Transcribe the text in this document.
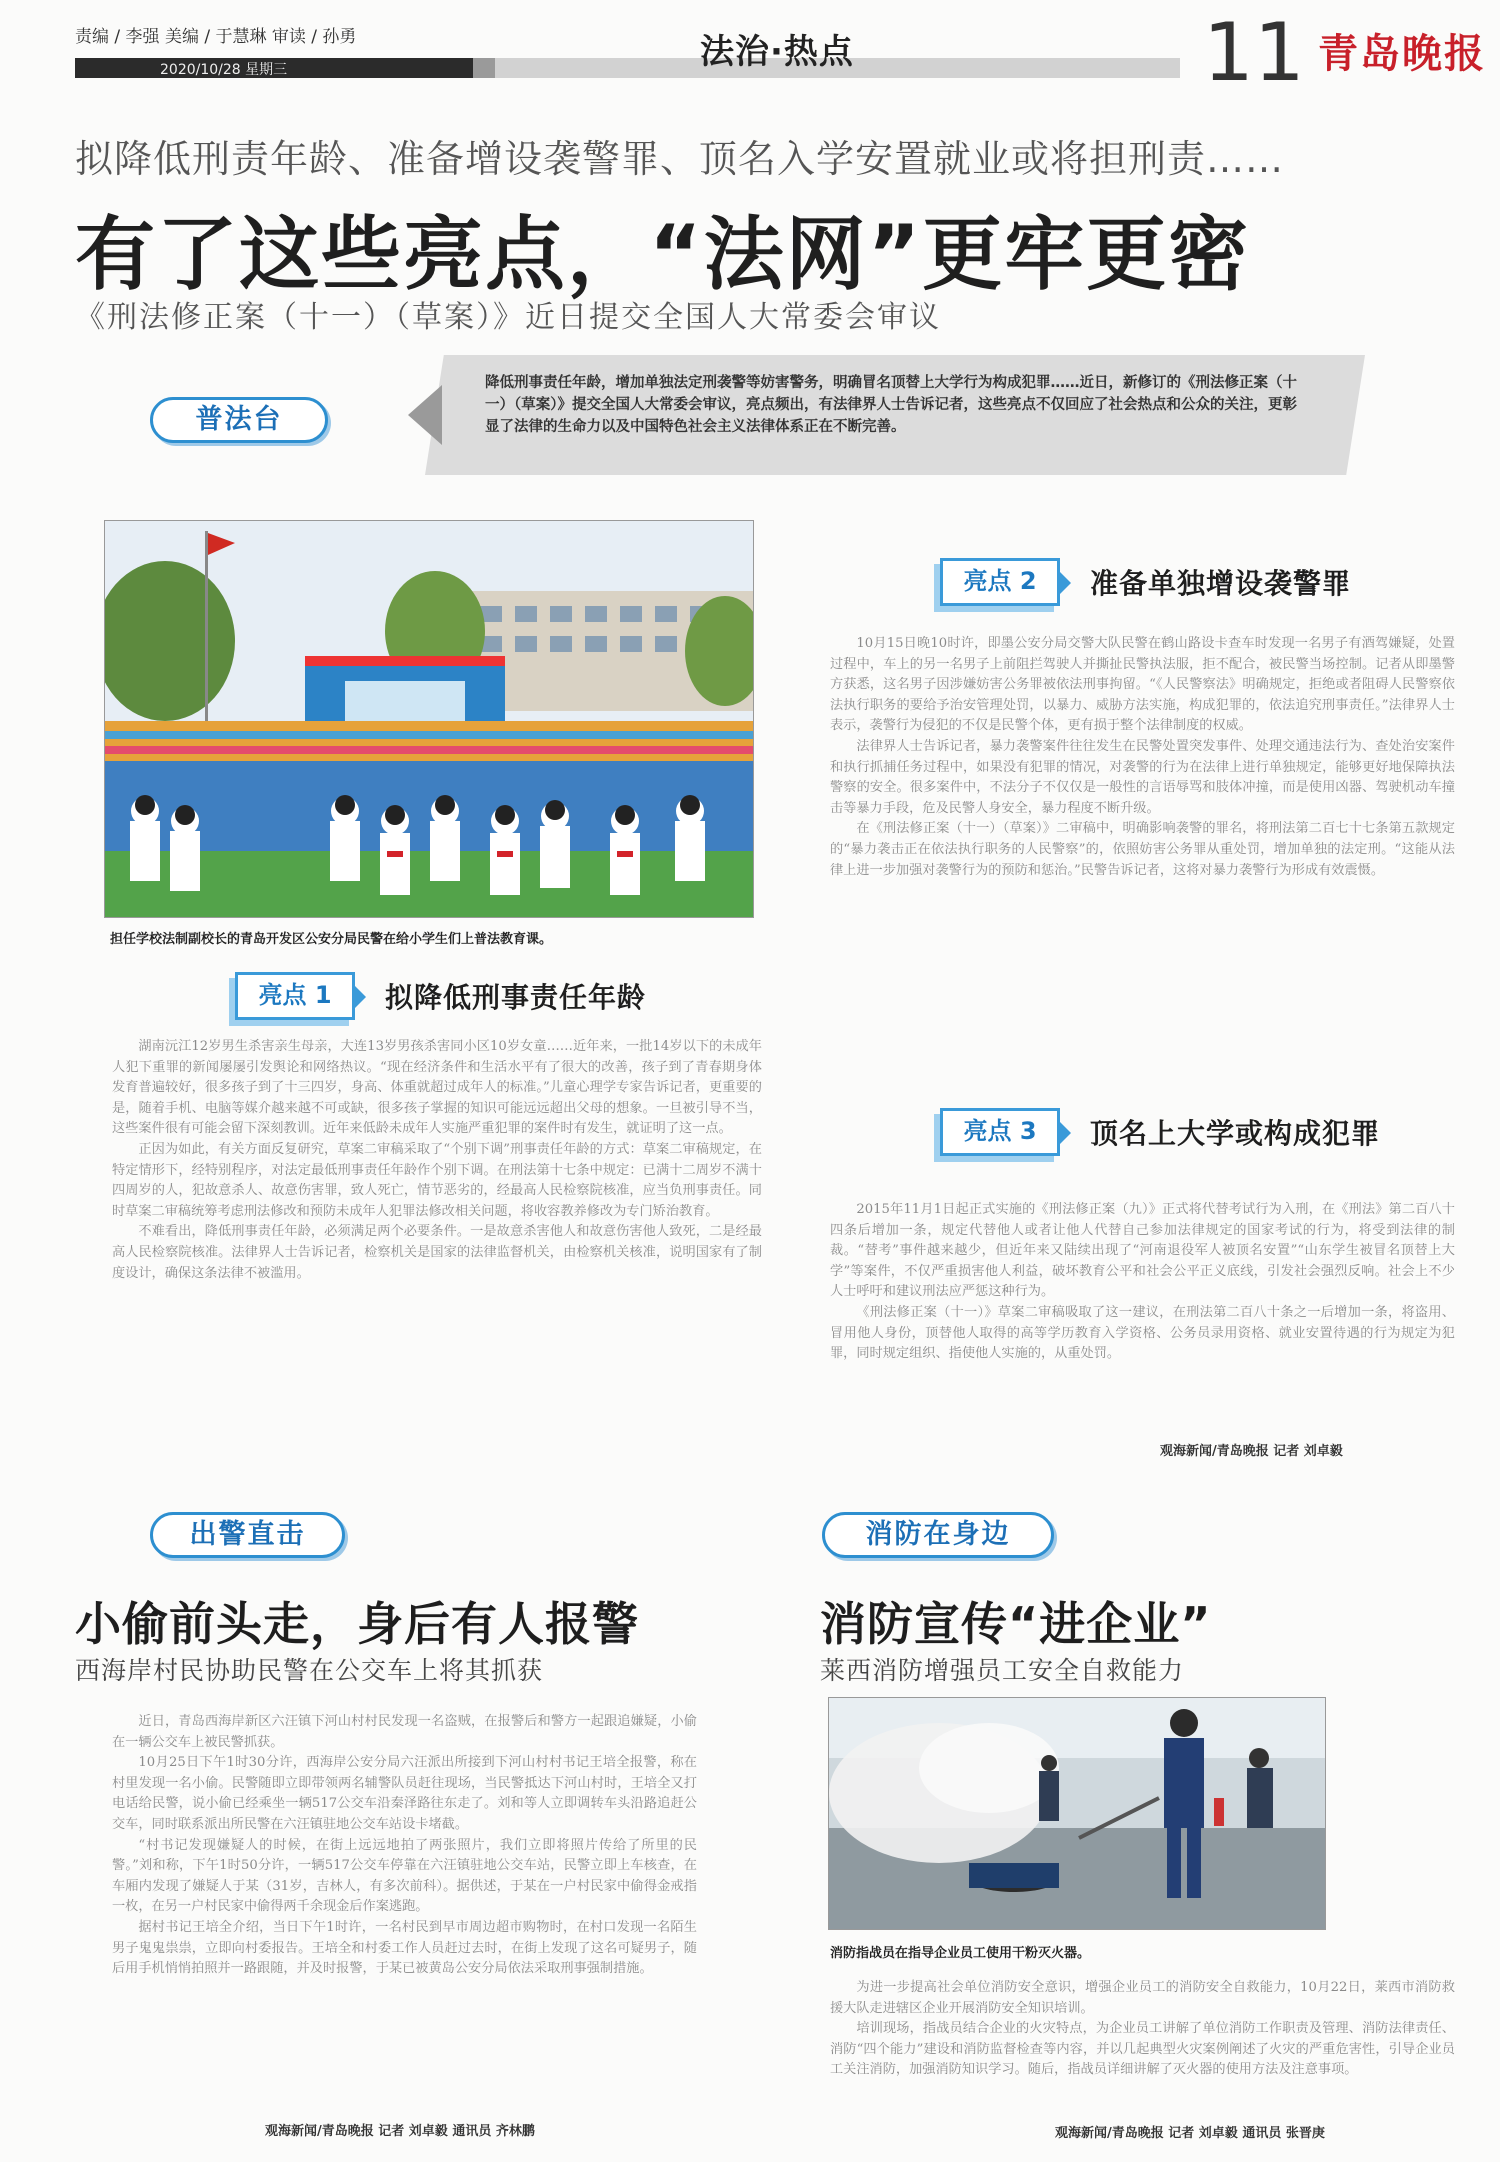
责编 / 李强 美编 / 于慧琳 审读 / 孙勇
2020/10/28 星期三	法治·热点	11 青岛晚报
拟降低刑责年龄、准备增设袭警罪、顶名入学安置就业或将担刑责……
有了这些亮点，“法网”更牢更密
《刑法修正案（十一）（草案）》近日提交全国人大常委会审议
普法台
降低刑事责任年龄，增加单独法定刑袭警等妨害警务，明确冒名顶替上大学行为构成犯罪……近日，新修订的《刑法修正案（十一）（草案）》提交全国人大常委会审议，亮点频出，有法律界人士告诉记者，这些亮点不仅回应了社会热点和公众的关注，更彰显了法律的生命力以及中国特色社会主义法律体系正在不断完善。
担任学校法制副校长的青岛开发区公安分局民警在给小学生们上普法教育课。
亮点 1	拟降低刑事责任年龄

湖南沅江12岁男生杀害亲生母亲，大连13岁男孩杀害同小区10岁女童……近年来，一批14岁以下的未成年人犯下重罪的新闻屡屡引发舆论和网络热议。“现在经济条件和生活水平有了很大的改善，孩子到了青春期身体发育普遍较好，很多孩子到了十三四岁，身高、体重就超过成年人的标准。”儿童心理学专家告诉记者，更重要的是，随着手机、电脑等媒介越来越不可或缺，很多孩子掌握的知识可能远远超出父母的想象。一旦被引导不当，这些案件很有可能会留下深刻教训。近年来低龄未成年人实施严重犯罪的案件时有发生，就证明了这一点。

正因为如此，有关方面反复研究，草案二审稿采取了“个别下调”刑事责任年龄的方式：草案二审稿规定，在特定情形下，经特别程序，对法定最低刑事责任年龄作个别下调。在刑法第十七条中规定：已满十二周岁不满十四周岁的人，犯故意杀人、故意伤害罪，致人死亡，情节恶劣的，经最高人民检察院核准，应当负刑事责任。同时草案二审稿统筹考虑刑法修改和预防未成年人犯罪法修改相关问题，将收容教养修改为专门矫治教育。

不难看出，降低刑事责任年龄，必须满足两个必要条件。一是故意杀害他人和故意伤害他人致死，二是经最高人民检察院核准。法律界人士告诉记者，检察机关是国家的法律监督机关，由检察机关核准，说明国家有了制度设计，确保这条法律不被滥用。

亮点 2	准备单独增设袭警罪

10月15日晚10时许，即墨公安分局交警大队民警在鹤山路设卡查车时发现一名男子有酒驾嫌疑，处置过程中，车上的另一名男子上前阻拦驾驶人并撕扯民警执法服，拒不配合，被民警当场控制。记者从即墨警方获悉，这名男子因涉嫌妨害公务罪被依法刑事拘留。“《人民警察法》明确规定，拒绝或者阻碍人民警察依法执行职务的要给予治安管理处罚，以暴力、威胁方法实施，构成犯罪的，依法追究刑事责任。”法律界人士表示，袭警行为侵犯的不仅是民警个体，更有损于整个法律制度的权威。

法律界人士告诉记者，暴力袭警案件往往发生在民警处置突发事件、处理交通违法行为、查处治安案件和执行抓捕任务过程中，如果没有犯罪的情况，对袭警的行为在法律上进行单独规定，能够更好地保障执法警察的安全。很多案件中，不法分子不仅仅是一般性的言语辱骂和肢体冲撞，而是使用凶器、驾驶机动车撞击等暴力手段，危及民警人身安全，暴力程度不断升级。

在《刑法修正案（十一）（草案）》二审稿中，明确影响袭警的罪名，将刑法第二百七十七条第五款规定的“暴力袭击正在依法执行职务的人民警察”的，依照妨害公务罪从重处罚，增加单独的法定刑。“这能从法律上进一步加强对袭警行为的预防和惩治。”民警告诉记者，这将对暴力袭警行为形成有效震慑。

亮点 3	顶名上大学或构成犯罪

2015年11月1日起正式实施的《刑法修正案（九）》正式将代替考试行为入刑，在《刑法》第二百八十四条后增加一条，规定代替他人或者让他人代替自己参加法律规定的国家考试的行为，将受到法律的制裁。“替考”事件越来越少，但近年来又陆续出现了“河南退役军人被顶名安置”“山东学生被冒名顶替上大学”等案件，不仅严重损害他人利益，破坏教育公平和社会公平正义底线，引发社会强烈反响。社会上不少人士呼吁和建议刑法应严惩这种行为。

《刑法修正案（十一）》草案二审稿吸取了这一建议，在刑法第二百八十条之一后增加一条，将盗用、冒用他人身份，顶替他人取得的高等学历教育入学资格、公务员录用资格、就业安置待遇的行为规定为犯罪，同时规定组织、指使他人实施的，从重处罚。

观海新闻/青岛晚报 记者 刘卓毅
出警直击
小偷前头走，身后有人报警
西海岸村民协助民警在公交车上将其抓获

近日，青岛西海岸新区六汪镇下河山村村民发现一名盗贼，在报警后和警方一起跟追嫌疑，小偷在一辆公交车上被民警抓获。

10月25日下午1时30分许，西海岸公安分局六汪派出所接到下河山村村书记王培全报警，称在村里发现一名小偷。民警随即立即带领两名辅警队员赶往现场，当民警抵达下河山村时，王培全又打电话给民警，说小偷已经乘坐一辆517公交车沿秦泽路往东走了。刘和等人立即调转车头沿路追赶公交车，同时联系派出所民警在六汪镇驻地公交车站设卡堵截。

“村书记发现嫌疑人的时候，在街上远远地拍了两张照片，我们立即将照片传给了所里的民警。”刘和称，下午1时50分许，一辆517公交车停靠在六汪镇驻地公交车站，民警立即上车核查，在车厢内发现了嫌疑人于某（31岁，吉林人，有多次前科）。据供述，于某在一户村民家中偷得金戒指一枚，在另一户村民家中偷得两千余现金后作案逃跑。

据村书记王培全介绍，当日下午1时许，一名村民到早市周边超市购物时，在村口发现一名陌生男子鬼鬼祟祟，立即向村委报告。王培全和村委工作人员赶过去时，在街上发现了这名可疑男子，随后用手机悄悄拍照并一路跟随，并及时报警，于某已被黄岛公安分局依法采取刑事强制措施。

观海新闻/青岛晚报 记者 刘卓毅 通讯员 齐林鹏
消防在身边
消防宣传“进企业”
莱西消防增强员工安全自救能力
消防指战员在指导企业员工使用干粉灭火器。

为进一步提高社会单位消防安全意识，增强企业员工的消防安全自救能力，10月22日，莱西市消防救援大队走进辖区企业开展消防安全知识培训。

培训现场，指战员结合企业的火灾特点，为企业员工讲解了单位消防工作职责及管理、消防法律责任、消防“四个能力”建设和消防监督检查等内容，并以几起典型火灾案例阐述了火灾的严重危害性，引导企业员工关注消防，加强消防知识学习。随后，指战员详细讲解了灭火器的使用方法及注意事项。

观海新闻/青岛晚报 记者 刘卓毅 通讯员 张晋庚
